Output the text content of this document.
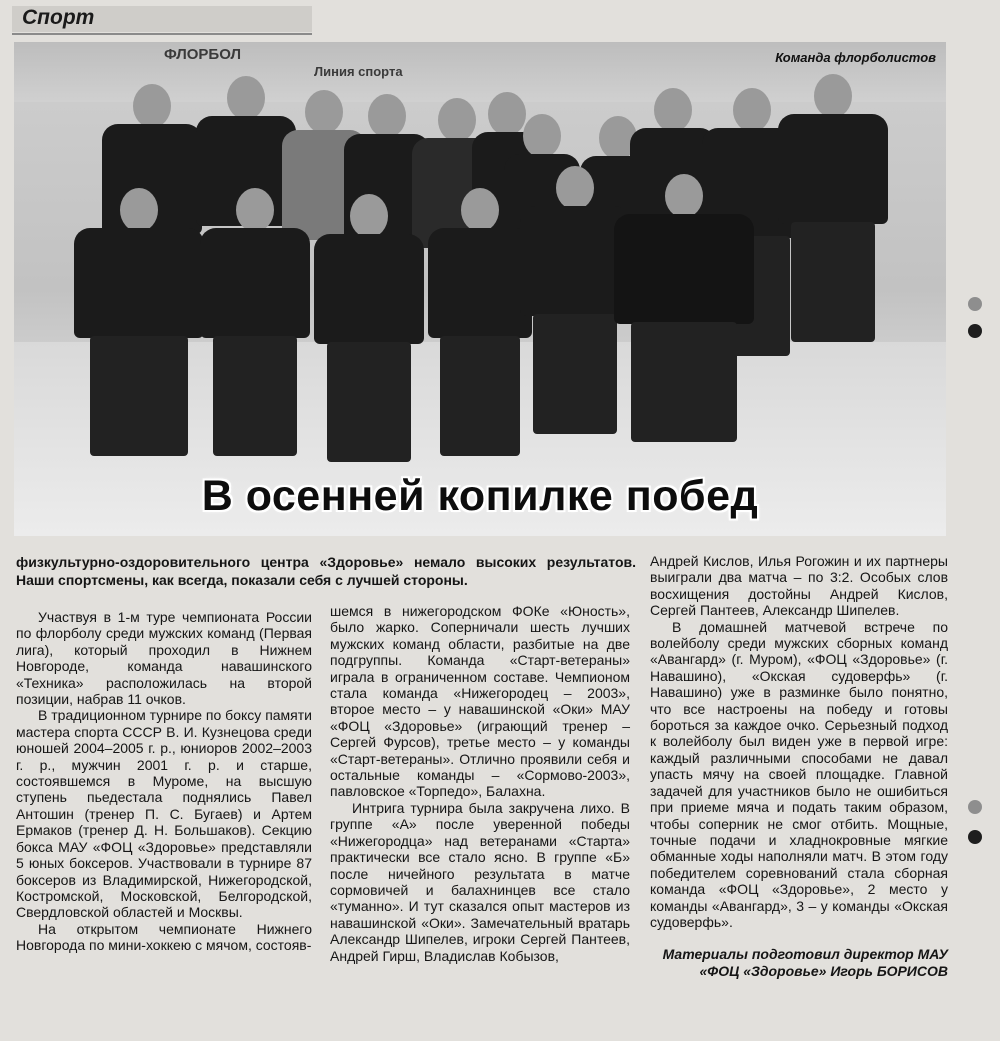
Спорт
ФЛОРБОЛ
Линия спорта
Команда флорболистов
В осенней копилке побед
физкультурно-оздоровительного центра «Здоровье» немало высоких результатов. Наши спортсмены, как всегда, показали себя с лучшей стороны.

Участвуя в 1-м туре чемпионата России по флорболу среди мужских команд (Первая лига), который проходил в Нижнем Новгороде, команда навашинского «Техника» расположилась на второй позиции, набрав 11 очков.

В традиционном турнире по боксу памяти мастера спорта СССР В. И. Кузнецова среди юношей 2004–2005 г. р., юниоров 2002–2003 г. р., мужчин 2001 г. р. и старше, состоявшемся в Муроме, на высшую ступень пьедестала поднялись Павел Антошин (тренер П. С. Бугаев) и Артем Ермаков (тренер Д. Н. Большаков). Секцию бокса МАУ «ФОЦ «Здоровье» представляли 5 юных боксеров. Участвовали в турнире 87 боксеров из Владимирской, Нижегородской, Костромской, Московской, Белгородской, Свердловской областей и Москвы.

На открытом чемпионате Нижнего Новгорода по мини-хоккею с мячом, состояв-

шемся в нижегородском ФОКе «Юность», было жарко. Соперничали шесть лучших мужских команд области, разбитые на две подгруппы. Команда «Старт-ветераны» играла в ограниченном составе. Чемпионом стала команда «Нижегородец – 2003», второе место – у навашинской «Оки» МАУ «ФОЦ «Здоровье» (играющий тренер – Сергей Фурсов), третье место – у команды «Старт-ветераны». Отлично проявили себя и остальные команды – «Сормово-2003», павловское «Торпедо», Балахна.

Интрига турнира была закручена лихо. В группе «А» после уверенной победы «Нижегородца» над ветеранами «Старта» практически все стало ясно. В группе «Б» после ничейного результата в матче сормовичей и балахнинцев все стало «туманно». И тут сказался опыт мастеров из навашинской «Оки». Замечательный вратарь Александр Шипелев, игроки Сергей Пантеев, Андрей Гирш, Владислав Кобызов,

Андрей Кислов, Илья Рогожин и их партнеры выиграли два матча – по 3:2. Особых слов восхищения достойны Андрей Кислов, Сергей Пантеев, Александр Шипелев.

В домашней матчевой встрече по волейболу среди мужских сборных команд «Авангард» (г. Муром), «ФОЦ «Здоровье» (г. Навашино), «Окская судоверфь» (г. Навашино) уже в разминке было понятно, что все настроены на победу и готовы бороться за каждое очко. Серьезный подход к волейболу был виден уже в первой игре: каждый различными способами не давал упасть мячу на своей площадке. Главной задачей для участников было не ошибиться при приеме мяча и подать таким образом, чтобы соперник не смог отбить. Мощные, точные подачи и хладнокровные мягкие обманные ходы наполняли матч. В этом году победителем соревнований стала сборная команда «ФОЦ «Здоровье», 2 место у команды «Авангард», 3 – у команды «Окская судоверфь».

Материалы подготовил директор МАУ «ФОЦ «Здоровье» Игорь БОРИСОВ
